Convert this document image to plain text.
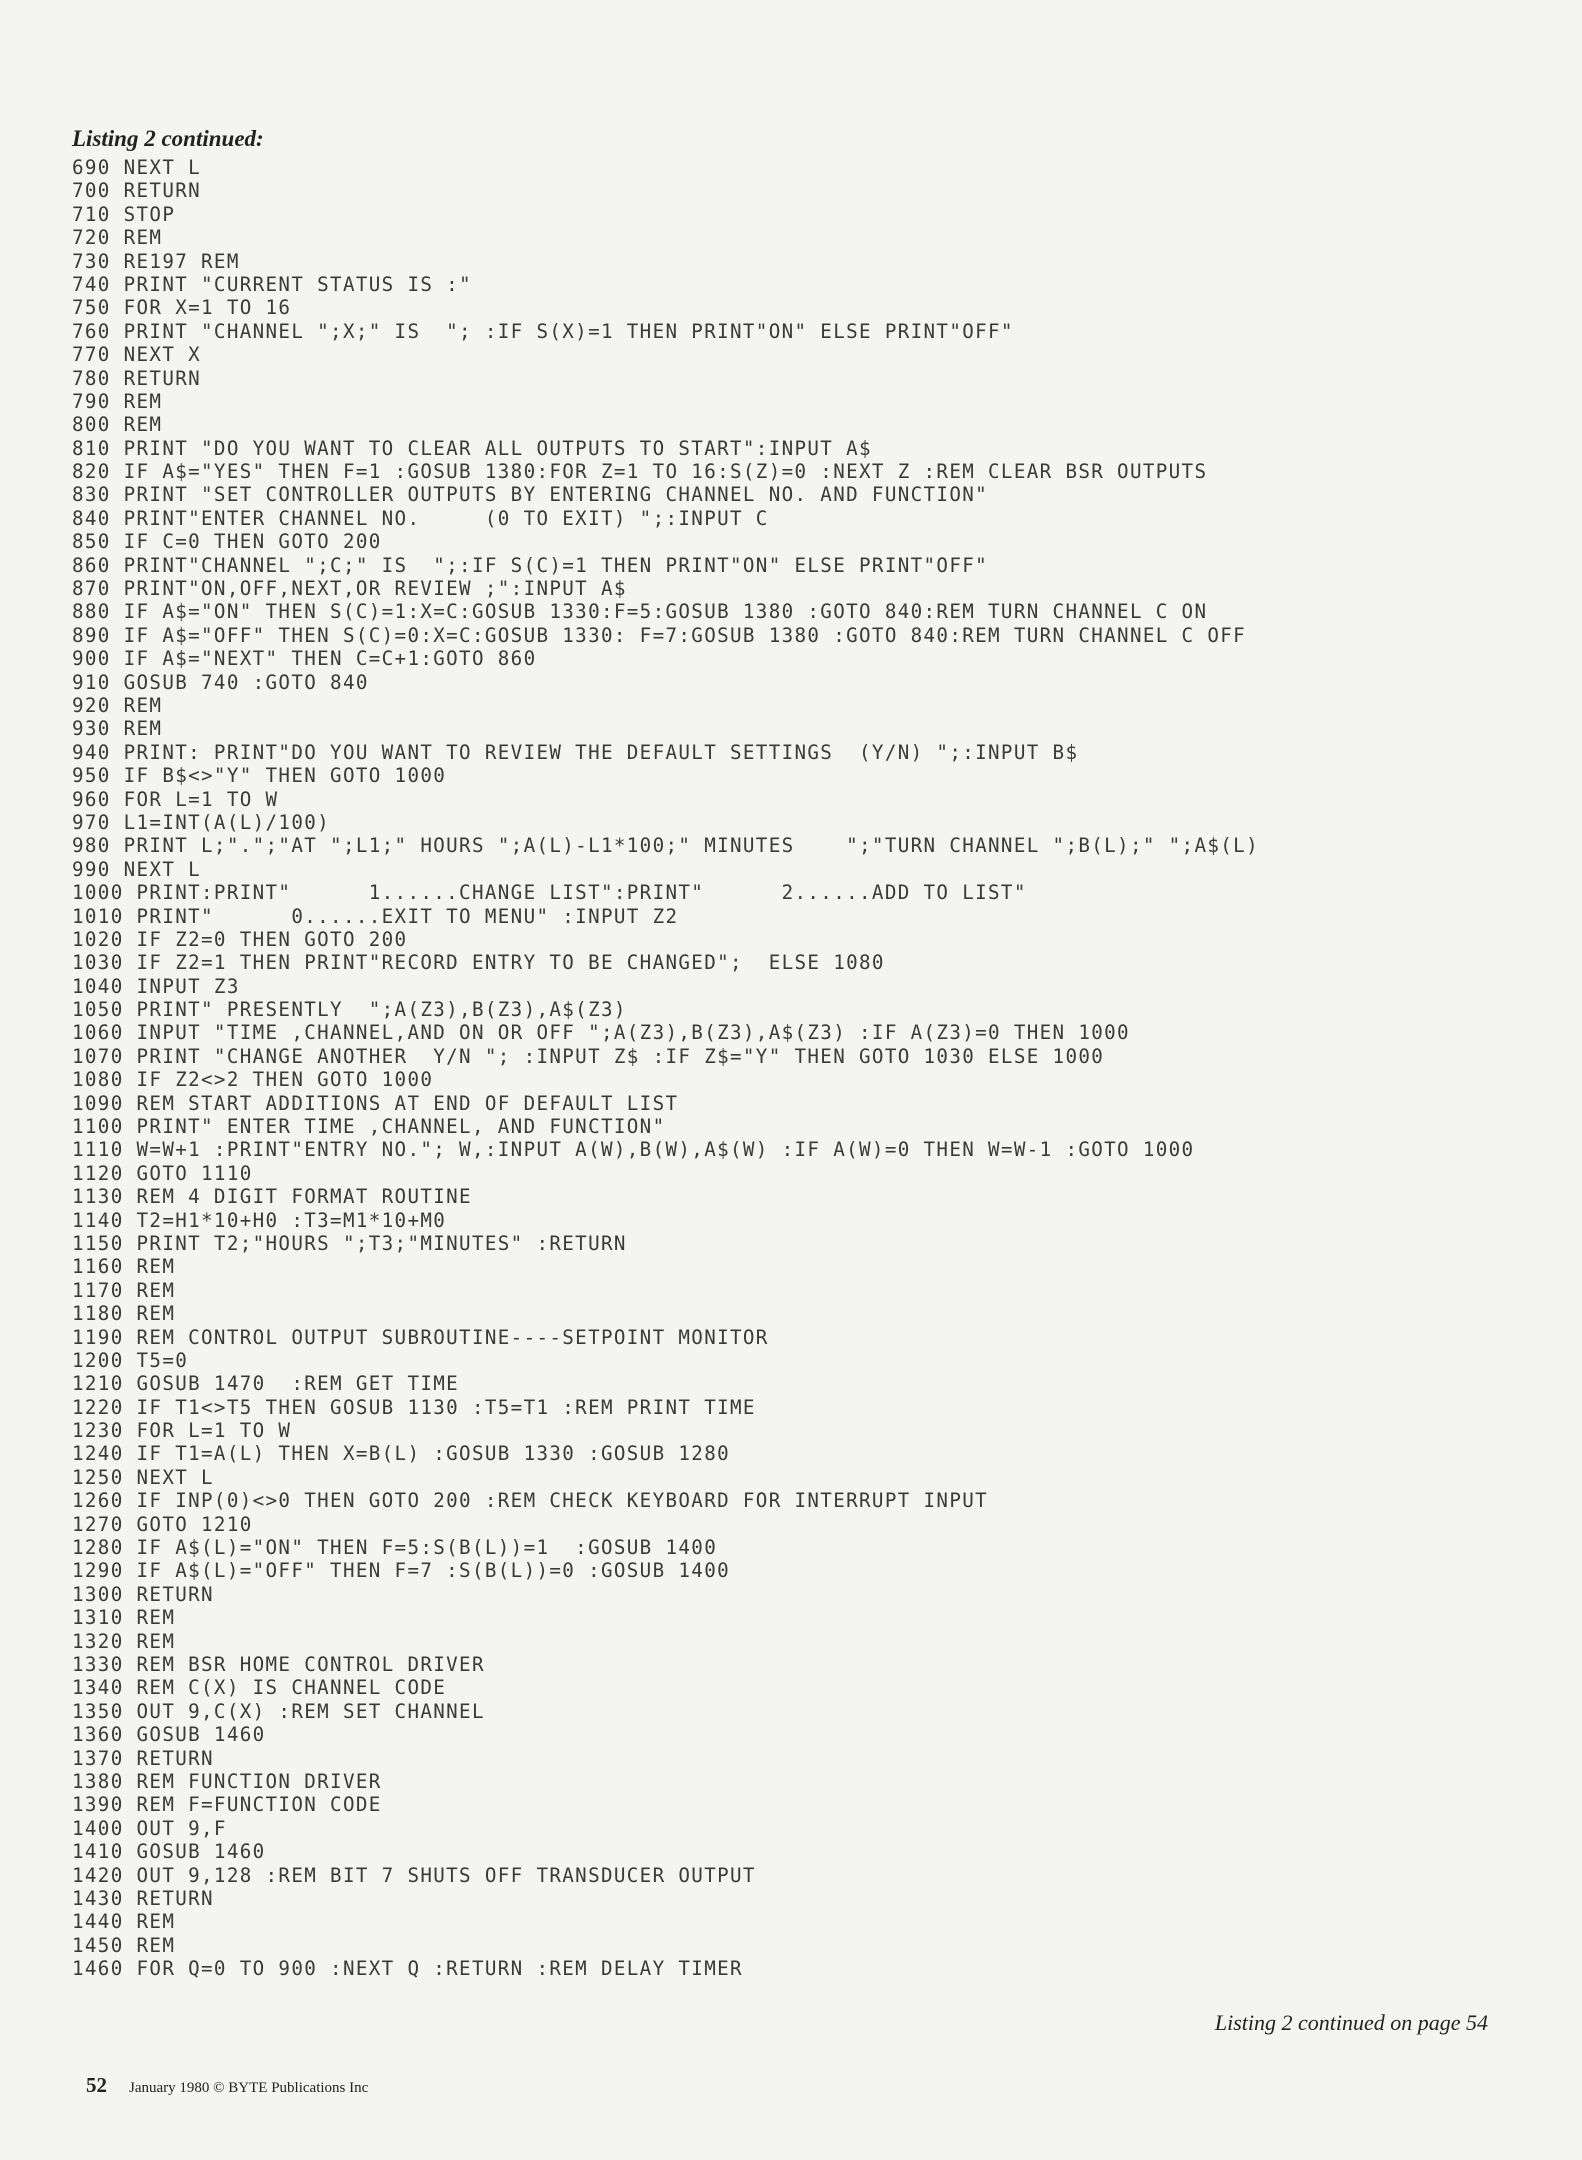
Listing 2 continued:
690 NEXT L
700 RETURN
710 STOP
720 REM
730 RE197 REM
740 PRINT "CURRENT STATUS IS :"
750 FOR X=1 TO 16
760 PRINT "CHANNEL ";X;" IS  "; :IF S(X)=1 THEN PRINT"ON" ELSE PRINT"OFF"
770 NEXT X
780 RETURN
790 REM
800 REM
810 PRINT "DO YOU WANT TO CLEAR ALL OUTPUTS TO START":INPUT A$
820 IF A$="YES" THEN F=1 :GOSUB 1380:FOR Z=1 TO 16:S(Z)=0 :NEXT Z :REM CLEAR BSR OUTPUTS
830 PRINT "SET CONTROLLER OUTPUTS BY ENTERING CHANNEL NO. AND FUNCTION"
840 PRINT"ENTER CHANNEL NO.     (0 TO EXIT) ";:INPUT C
850 IF C=0 THEN GOTO 200
860 PRINT"CHANNEL ";C;" IS  ";:IF S(C)=1 THEN PRINT"ON" ELSE PRINT"OFF"
870 PRINT"ON,OFF,NEXT,OR REVIEW ;":INPUT A$
880 IF A$="ON" THEN S(C)=1:X=C:GOSUB 1330:F=5:GOSUB 1380 :GOTO 840:REM TURN CHANNEL C ON
890 IF A$="OFF" THEN S(C)=0:X=C:GOSUB 1330: F=7:GOSUB 1380 :GOTO 840:REM TURN CHANNEL C OFF
900 IF A$="NEXT" THEN C=C+1:GOTO 860
910 GOSUB 740 :GOTO 840
920 REM
930 REM
940 PRINT: PRINT"DO YOU WANT TO REVIEW THE DEFAULT SETTINGS  (Y/N) ";:INPUT B$
950 IF B$<>"Y" THEN GOTO 1000
960 FOR L=1 TO W
970 L1=INT(A(L)/100)
980 PRINT L;".";"AT ";L1;" HOURS ";A(L)-L1*100;" MINUTES    ";"TURN CHANNEL ";B(L);" ";A$(L)
990 NEXT L
1000 PRINT:PRINT"      1......CHANGE LIST":PRINT"      2......ADD TO LIST"
1010 PRINT"      0......EXIT TO MENU" :INPUT Z2
1020 IF Z2=0 THEN GOTO 200
1030 IF Z2=1 THEN PRINT"RECORD ENTRY TO BE CHANGED";  ELSE 1080
1040 INPUT Z3
1050 PRINT" PRESENTLY  ";A(Z3),B(Z3),A$(Z3)
1060 INPUT "TIME ,CHANNEL,AND ON OR OFF ";A(Z3),B(Z3),A$(Z3) :IF A(Z3)=0 THEN 1000
1070 PRINT "CHANGE ANOTHER  Y/N "; :INPUT Z$ :IF Z$="Y" THEN GOTO 1030 ELSE 1000
1080 IF Z2<>2 THEN GOTO 1000
1090 REM START ADDITIONS AT END OF DEFAULT LIST
1100 PRINT" ENTER TIME ,CHANNEL, AND FUNCTION"
1110 W=W+1 :PRINT"ENTRY NO."; W,:INPUT A(W),B(W),A$(W) :IF A(W)=0 THEN W=W-1 :GOTO 1000
1120 GOTO 1110
1130 REM 4 DIGIT FORMAT ROUTINE
1140 T2=H1*10+H0 :T3=M1*10+M0
1150 PRINT T2;"HOURS ";T3;"MINUTES" :RETURN
1160 REM
1170 REM
1180 REM
1190 REM CONTROL OUTPUT SUBROUTINE----SETPOINT MONITOR
1200 T5=0
1210 GOSUB 1470  :REM GET TIME
1220 IF T1<>T5 THEN GOSUB 1130 :T5=T1 :REM PRINT TIME
1230 FOR L=1 TO W
1240 IF T1=A(L) THEN X=B(L) :GOSUB 1330 :GOSUB 1280
1250 NEXT L
1260 IF INP(0)<>0 THEN GOTO 200 :REM CHECK KEYBOARD FOR INTERRUPT INPUT
1270 GOTO 1210
1280 IF A$(L)="ON" THEN F=5:S(B(L))=1  :GOSUB 1400
1290 IF A$(L)="OFF" THEN F=7 :S(B(L))=0 :GOSUB 1400
1300 RETURN
1310 REM
1320 REM
1330 REM BSR HOME CONTROL DRIVER
1340 REM C(X) IS CHANNEL CODE
1350 OUT 9,C(X) :REM SET CHANNEL
1360 GOSUB 1460
1370 RETURN
1380 REM FUNCTION DRIVER
1390 REM F=FUNCTION CODE
1400 OUT 9,F
1410 GOSUB 1460
1420 OUT 9,128 :REM BIT 7 SHUTS OFF TRANSDUCER OUTPUT
1430 RETURN
1440 REM
1450 REM
1460 FOR Q=0 TO 900 :NEXT Q :RETURN :REM DELAY TIMER
Listing 2 continued on page 54
52 January 1980 © BYTE Publications Inc
